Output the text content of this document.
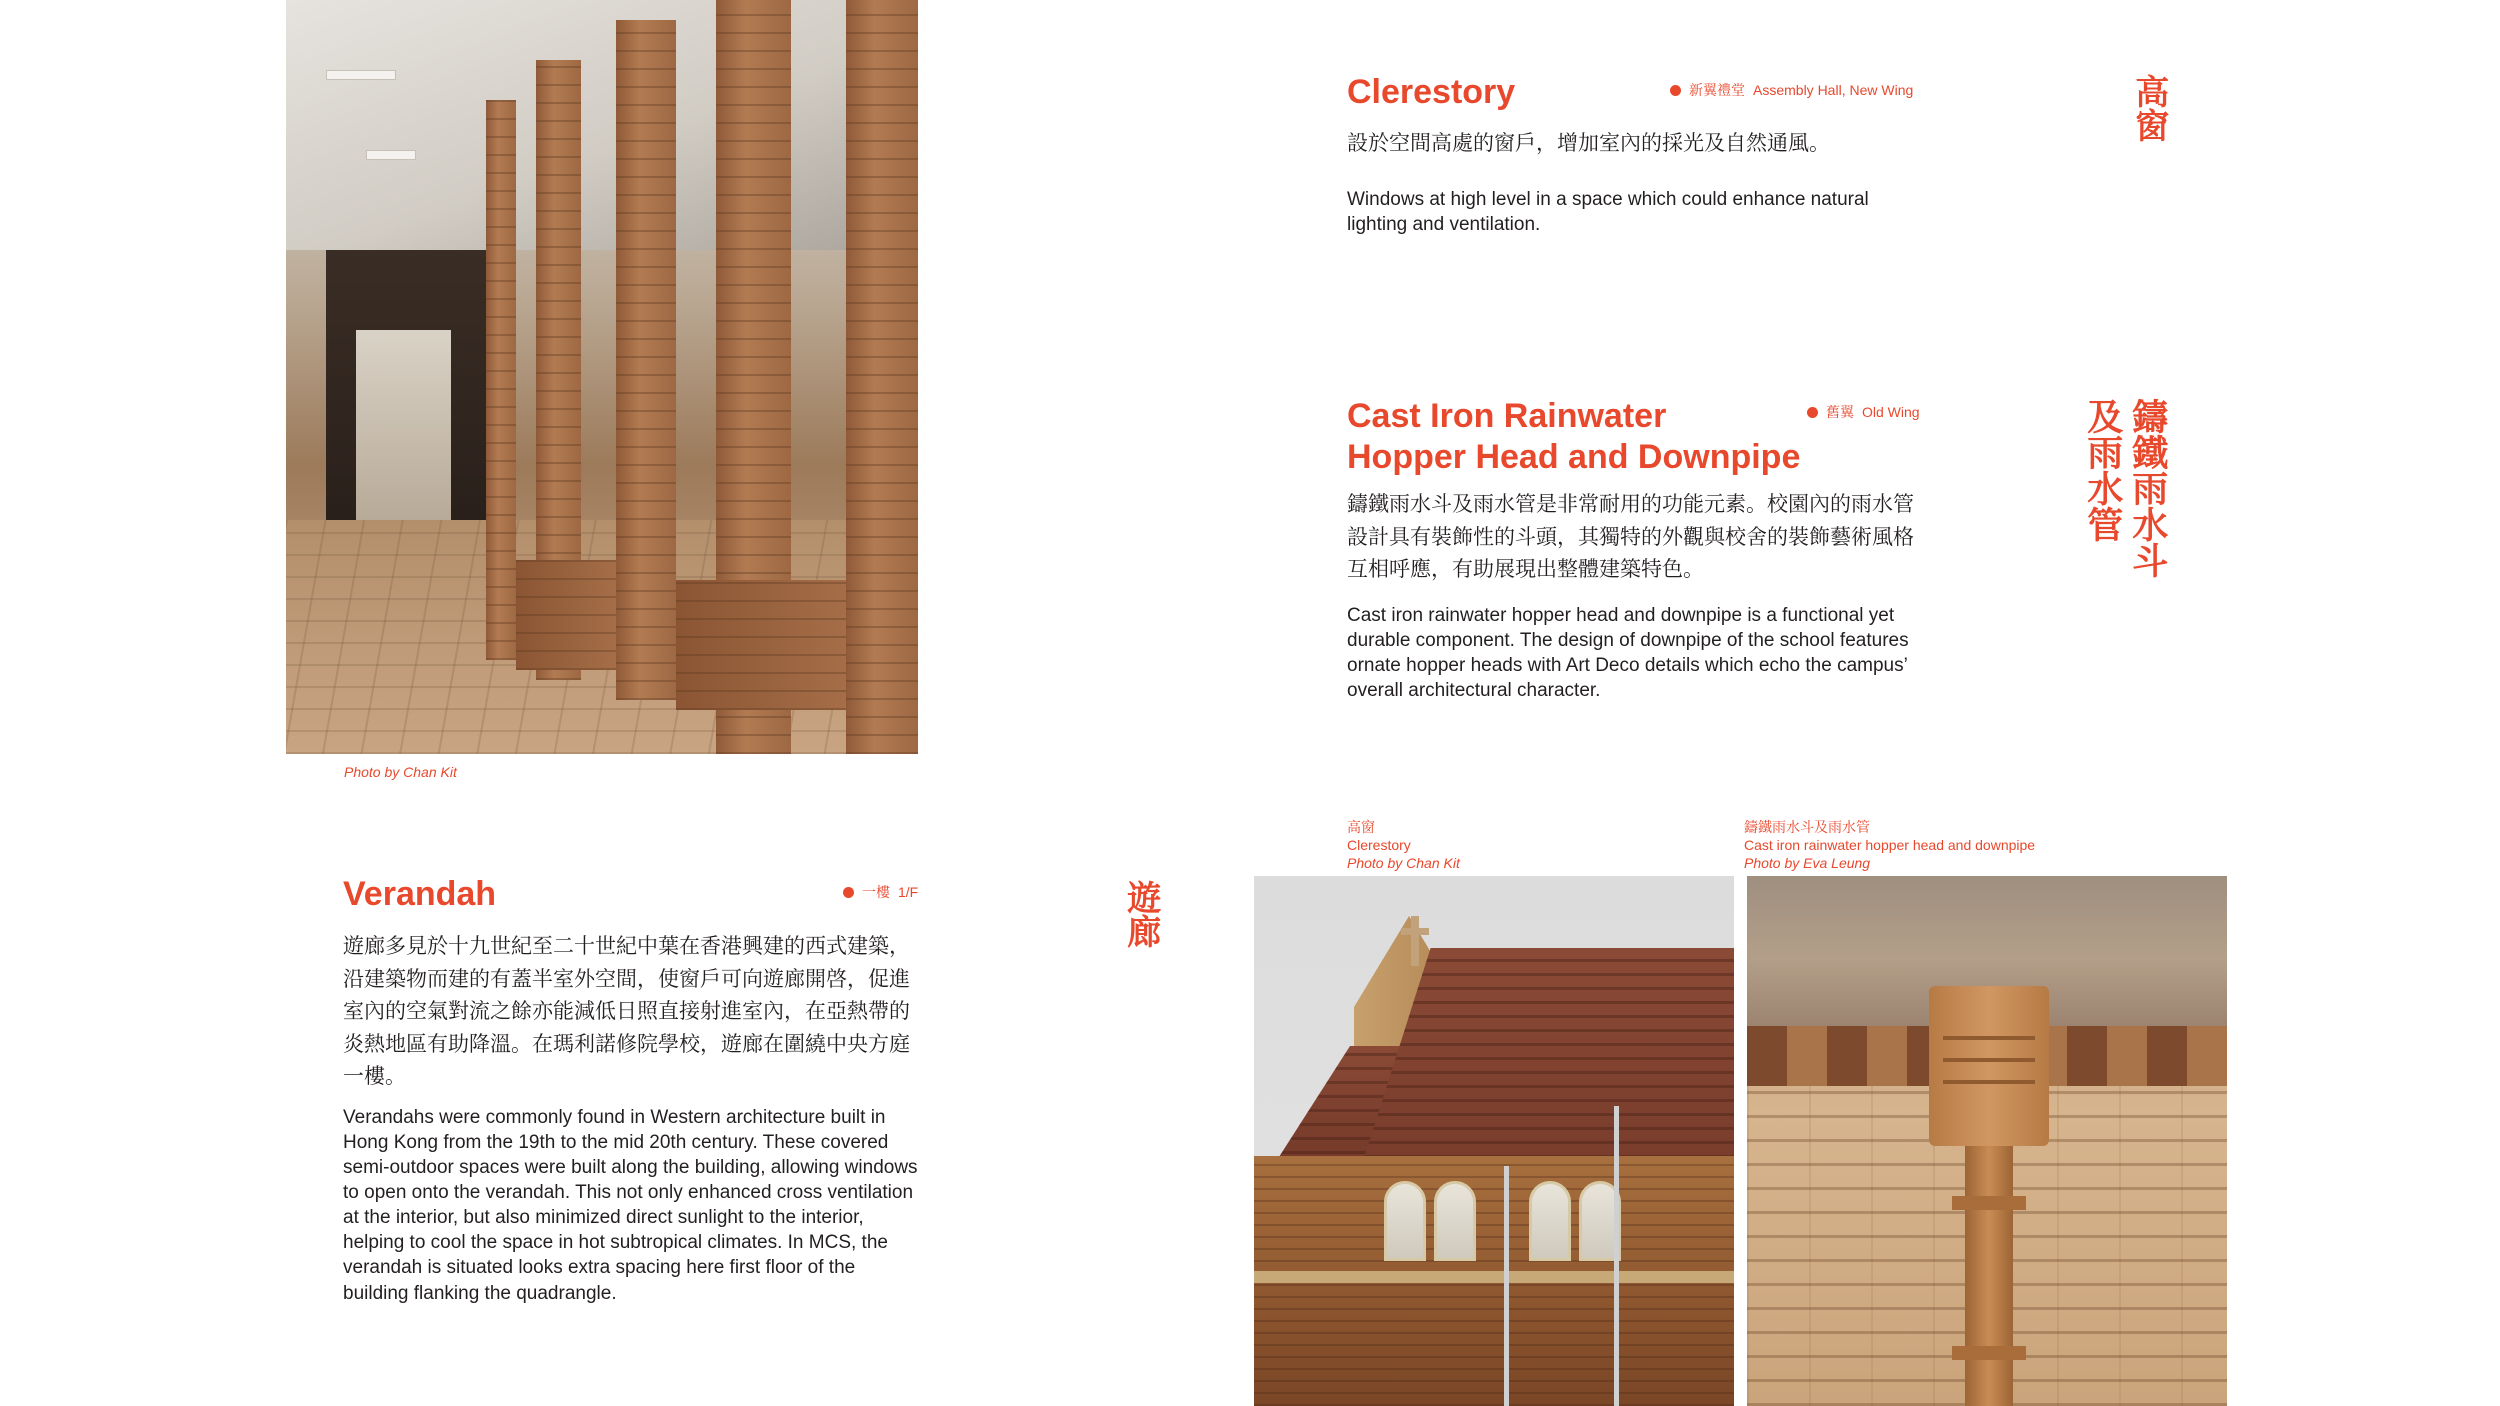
Photo by Chan Kit
Verandah	一樓 1/F
遊廊多見於十九世紀至二十世紀中葉在香港興建的西式建築，沿建築物而建的有蓋半室外空間，使窗戶可向遊廊開啓，促進室內的空氣對流之餘亦能減低日照直接射進室內，在亞熱帶的炎熱地區有助降溫。在瑪利諾修院學校，遊廊在圍繞中央方庭一樓。
Verandahs were commonly found in Western architecture built in Hong Kong from the 19th to the mid 20th century. These covered semi-outdoor spaces were built along the building, allowing windows to open onto the verandah. This not only enhanced cross ventilation at the interior, but also minimized direct sunlight to the interior, helping to cool the space in hot subtropical climates. In MCS, the verandah is situated looks extra spacing here first floor of the building flanking the quadrangle.
遊廊
Clerestory	新翼禮堂 Assembly Hall, New Wing
設於空間高處的窗戶，增加室內的採光及自然通風。
Windows at high level in a space which could enhance natural lighting and ventilation.
高窗
Cast Iron Rainwater
Hopper Head and Downpipe
舊翼 Old Wing
鑄鐵雨水斗及雨水管是非常耐用的功能元素。校園內的雨水管設計具有裝飾性的斗頭，其獨特的外觀與校舍的裝飾藝術風格互相呼應，有助展現出整體建築特色。
Cast iron rainwater hopper head and downpipe is a functional yet durable component. The design of downpipe of the school features ornate hopper heads with Art Deco details which echo the campus’ overall architectural character.
鑄鐵雨水斗
及雨水管
高窗
Clerestory
Photo by Chan Kit
鑄鐵雨水斗及雨水管
Cast iron rainwater hopper head and downpipe
Photo by Eva Leung
